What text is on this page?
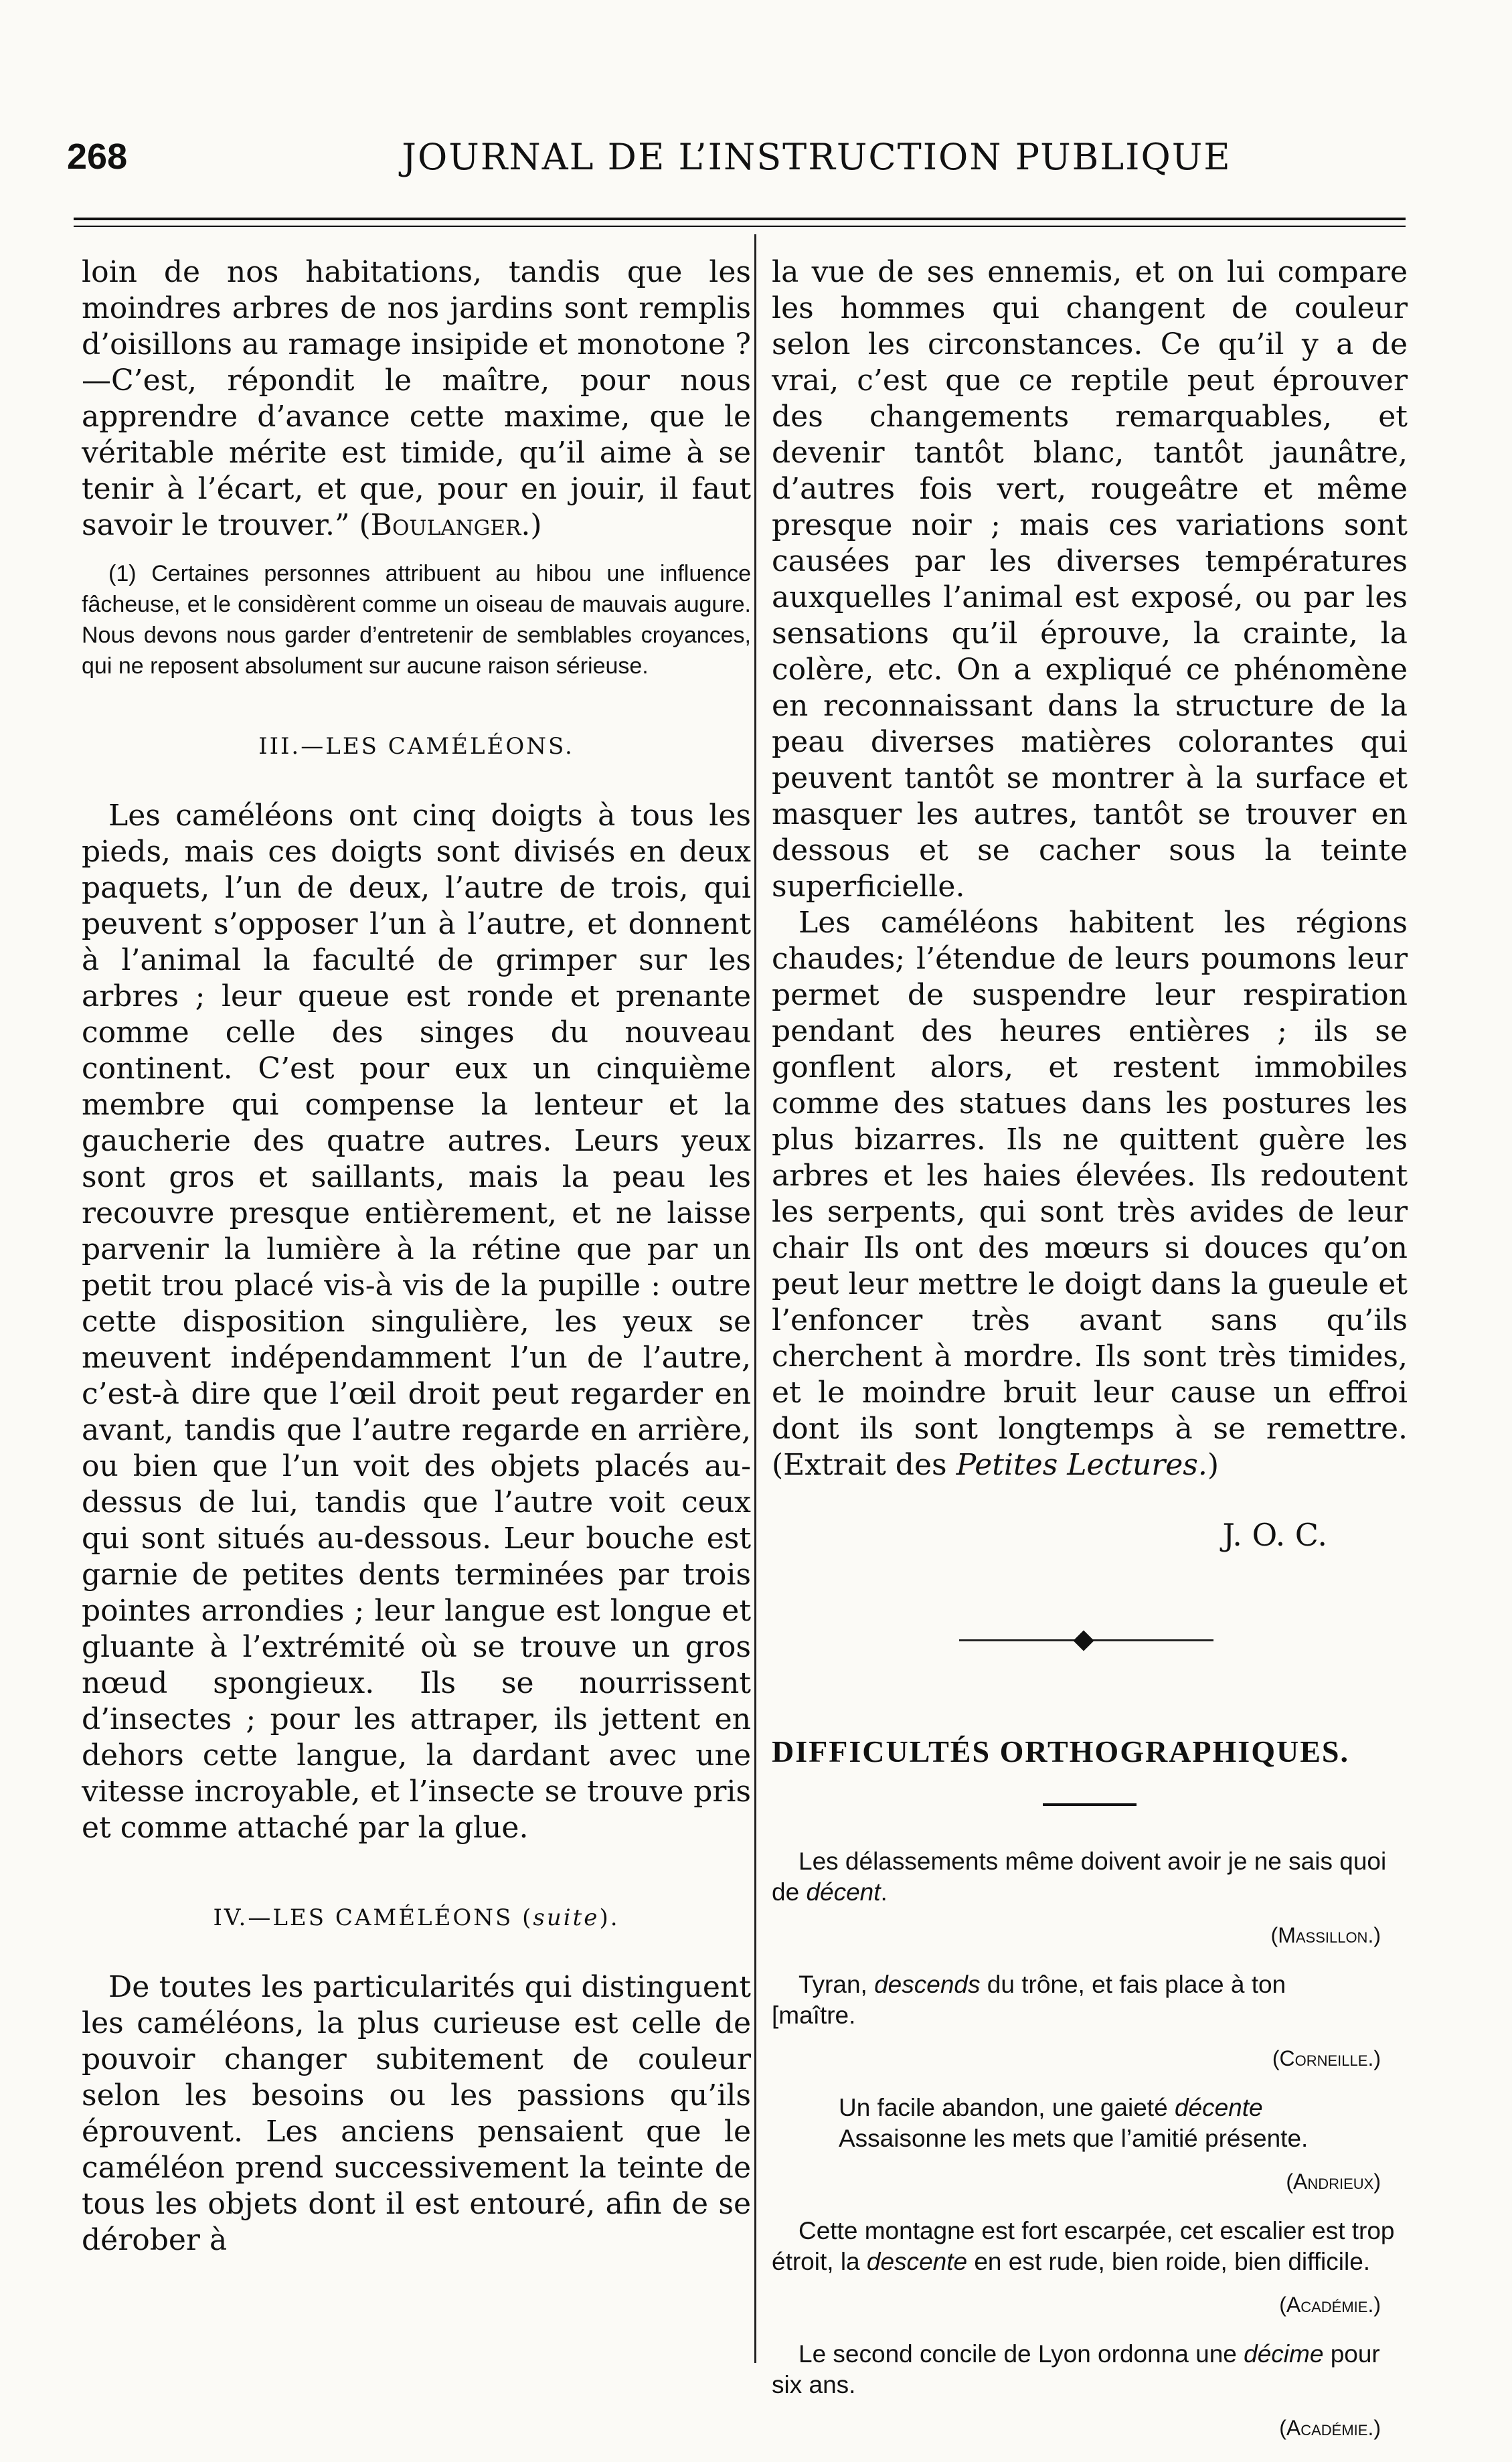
268	JOURNAL DE L’INSTRUCTION PUBLIQUE

loin de nos habitations, tandis que les moindres arbres de nos jardins sont remplis d’oisillons au ramage insipide et monotone ?—C’est, répondit le maître, pour nous apprendre d’avance cette maxime, que le véritable mérite est timide, qu’il aime à se tenir à l’écart, et que, pour en jouir, il faut savoir le trouver.” (Boulanger.)

(1) Certaines personnes attribuent au hibou une influence fâcheuse, et le considèrent comme un oiseau de mauvais augure. Nous devons nous garder d’entretenir de semblables croyances, qui ne reposent absolument sur aucune raison sérieuse.

III.—LES CAMÉLÉONS.

Les caméléons ont cinq doigts à tous les pieds, mais ces doigts sont divisés en deux paquets, l’un de deux, l’autre de trois, qui peuvent s’opposer l’un à l’autre, et donnent à l’animal la faculté de grimper sur les arbres ; leur queue est ronde et prenante comme celle des singes du nouveau continent. C’est pour eux un cinquième membre qui compense la lenteur et la gaucherie des quatre autres. Leurs yeux sont gros et saillants, mais la peau les recouvre presque entièrement, et ne laisse parvenir la lumière à la rétine que par un petit trou placé vis-à vis de la pupille : outre cette disposition singulière, les yeux se meuvent indépendamment l’un de l’autre, c’est-à dire que l’œil droit peut regarder en avant, tandis que l’autre regarde en arrière, ou bien que l’un voit des objets placés au-dessus de lui, tandis que l’autre voit ceux qui sont situés au-dessous. Leur bouche est garnie de petites dents terminées par trois pointes arrondies ; leur langue est longue et gluante à l’extrémité où se trouve un gros nœud spongieux. Ils se nourrissent d’insectes ; pour les attraper, ils jettent en dehors cette langue, la dardant avec une vitesse incroyable, et l’insecte se trouve pris et comme attaché par la glue.

IV.—LES CAMÉLÉONS (suite).

De toutes les particularités qui distinguent les caméléons, la plus curieuse est celle de pouvoir changer subitement de couleur selon les besoins ou les passions qu’ils éprouvent. Les anciens pensaient que le caméléon prend successivement la teinte de tous les objets dont il est entouré, afin de se dérober à

la vue de ses ennemis, et on lui compare les hommes qui changent de couleur selon les circonstances. Ce qu’il y a de vrai, c’est que ce reptile peut éprouver des changements remarquables, et devenir tantôt blanc, tantôt jaunâtre, d’autres fois vert, rougeâtre et même presque noir ; mais ces variations sont causées par les diverses températures auxquelles l’animal est exposé, ou par les sensations qu’il éprouve, la crainte, la colère, etc. On a expliqué ce phénomène en reconnaissant dans la structure de la peau diverses matières colorantes qui peuvent tantôt se montrer à la surface et masquer les autres, tantôt se trouver en dessous et se cacher sous la teinte superficielle.

Les caméléons habitent les régions chaudes; l’étendue de leurs poumons leur permet de suspendre leur respiration pendant des heures entières ; ils se gonflent alors, et restent immobiles comme des statues dans les postures les plus bizarres. Ils ne quittent guère les arbres et les haies élevées. Ils redoutent les serpents, qui sont très avides de leur chair Ils ont des mœurs si douces qu’on peut leur mettre le doigt dans la gueule et l’enfoncer très avant sans qu’ils cherchent à mordre. Ils sont très timides, et le moindre bruit leur cause un effroi dont ils sont longtemps à se remettre. (Extrait des Petites Lectures.)

J. O. C.
DIFFICULTÉS ORTHOGRAPHIQUES.

Les délassements même doivent avoir je ne sais quoi de décent.

(Massillon.)

Tyran, descends du trône, et fais place à ton

[maître.

(Corneille.)

Un facile abandon, une gaieté décente

Assaisonne les mets que l’amitié présente.

(Andrieux)

Cette montagne est fort escarpée, cet escalier est trop étroit, la descente en est rude, bien roide, bien difficile.

(Académie.)

Le second concile de Lyon ordonna une décime pour six ans.

(Académie.)
